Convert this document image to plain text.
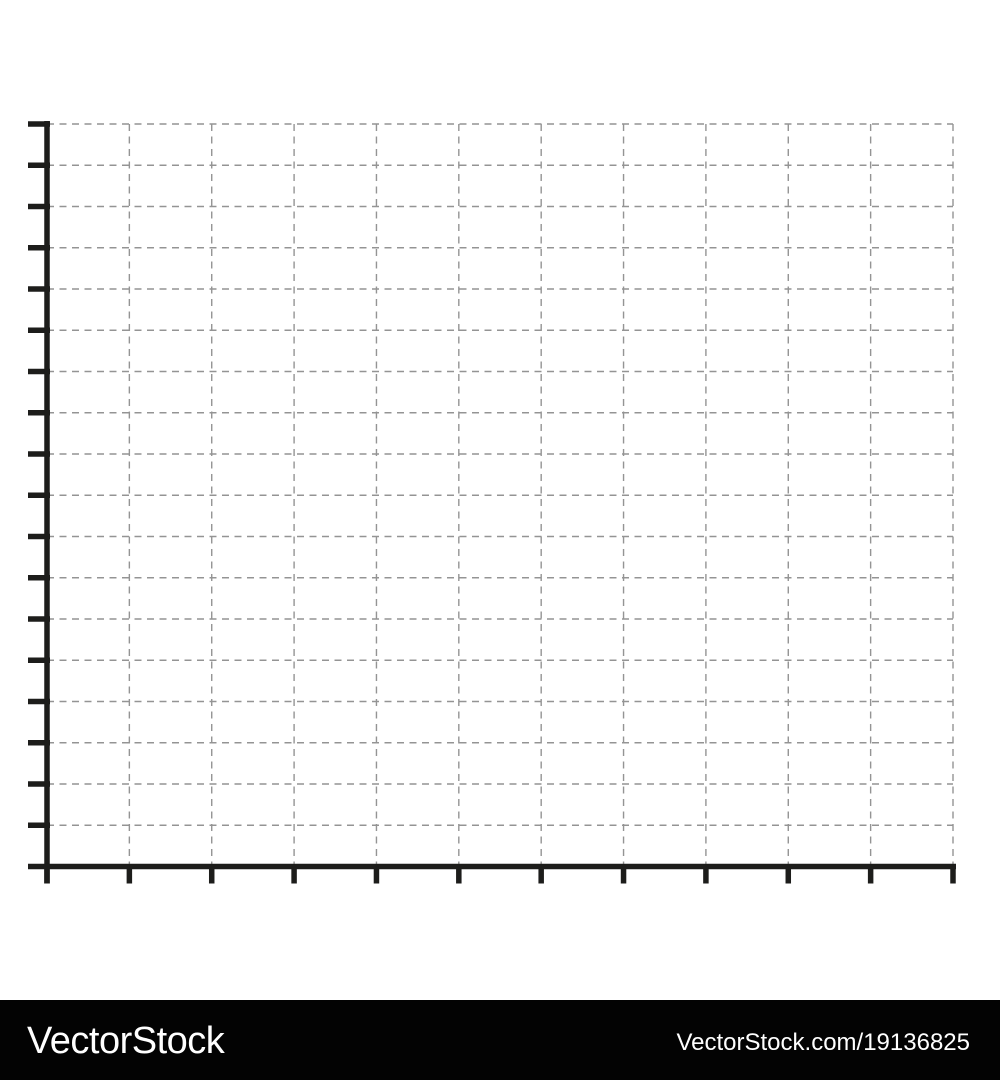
VectorStock	VectorStock.com/19136825
